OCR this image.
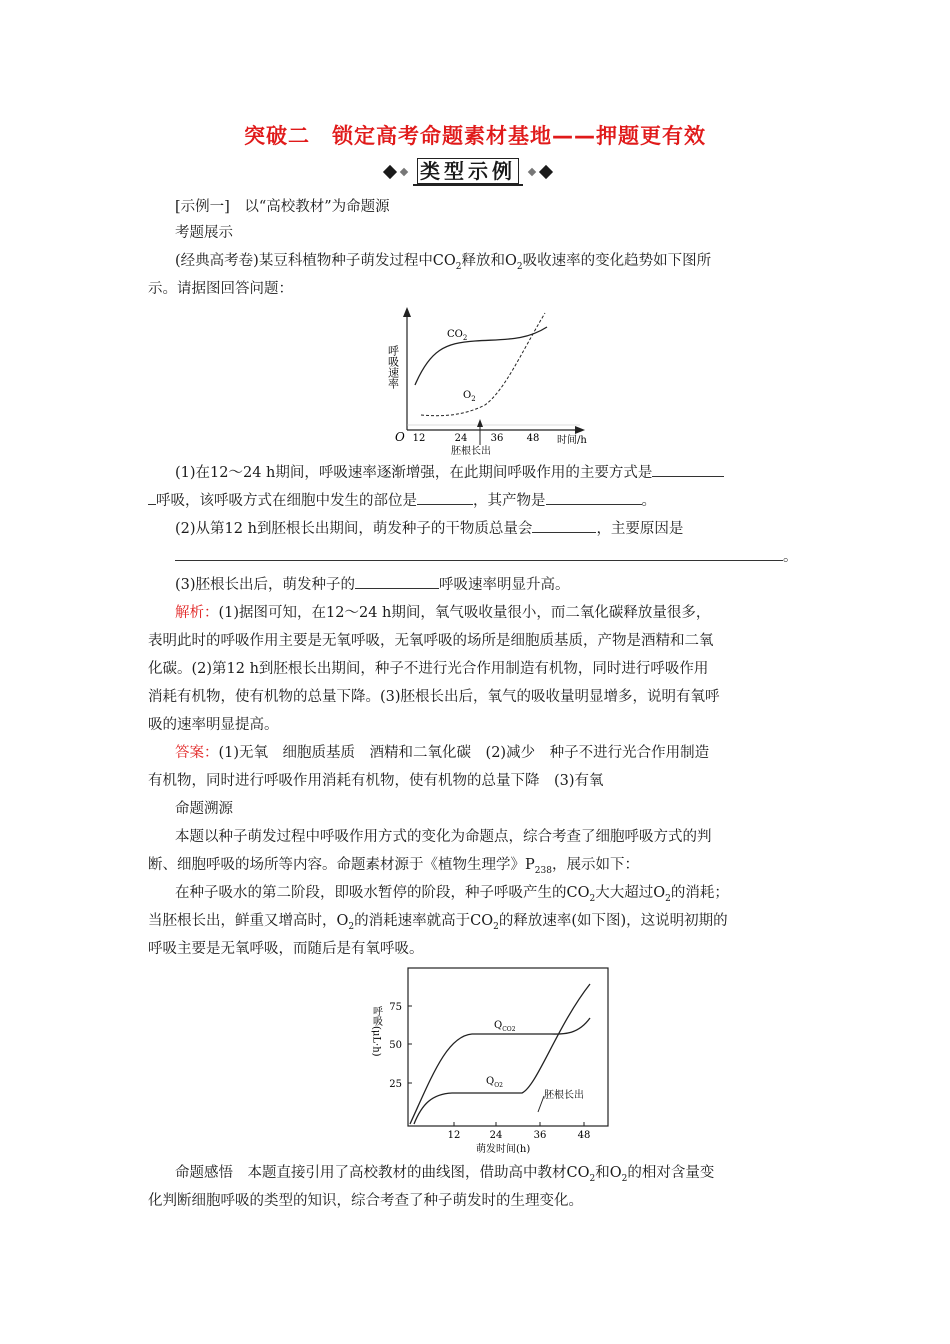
突破二　锁定高考命题素材基地——押题更有效
类型示例
[示例一]　以“高校教材”为命题源
考题展示
(经典高考卷)某豆科植物种子萌发过程中$CO_2$释放和$O_2$吸收速率的变化趋势如下图所
示。请据图回答问题：
呼吸速率
O 12	24 36 48 时间/h
胚根长出
$CO_2$
$O_2$
(1)在12～24 h期间，呼吸速率逐渐增强，在此期间呼吸作用的主要方式是
呼吸，该呼吸方式在细胞中发生的部位是	，其产物是	。
(2)从第12 h到胚根长出期间，萌发种子的干物质总量会	，主要原因是
。
(3)胚根长出后，萌发种子的	呼吸速率明显升高。
解析：(1)据图可知，在12～24 h期间，氧气吸收量很小，而二氧化碳释放量很多，
表明此时的呼吸作用主要是无氧呼吸，无氧呼吸的场所是细胞质基质，产物是酒精和二氧
化碳。(2)第12 h到胚根长出期间，种子不进行光合作用制造有机物，同时进行呼吸作用
消耗有机物，使有机物的总量下降。(3)胚根长出后，氧气的吸收量明显增多，说明有氧呼
吸的速率明显提高。
答案：(1)无氧　细胞质基质　酒精和二氧化碳　(2)减少　种子不进行光合作用制造
有机物，同时进行呼吸作用消耗有机物，使有机物的总量下降　(3)有氧
命题溯源
本题以种子萌发过程中呼吸作用方式的变化为命题点，综合考查了细胞呼吸方式的判
断、细胞呼吸的场所等内容。命题素材源于《植物生理学》$P_{238}$，展示如下：
在种子吸水的第二阶段，即吸水暂停的阶段，种子呼吸产生的$CO_2$大大超过$O_2$的消耗；
当胚根长出，鲜重又增高时，$O_2$的消耗速率就高于$CO_2$的释放速率(如下图)，这说明初期的
呼吸主要是无氧呼吸，而随后是有氧呼吸。
呼吸(μL·h) 75
50
25
12	24	36	48
萌发时间(h)
$Q_{CO2}$
$Q_{O2}$
胚根长出
命题感悟　 本题直接引用了高校教材的曲线图，借助高中教材$CO_2$和$O_2$的相对含量变
化判断细胞呼吸的类型的知识，综合考查了种子萌发时的生理变化。
